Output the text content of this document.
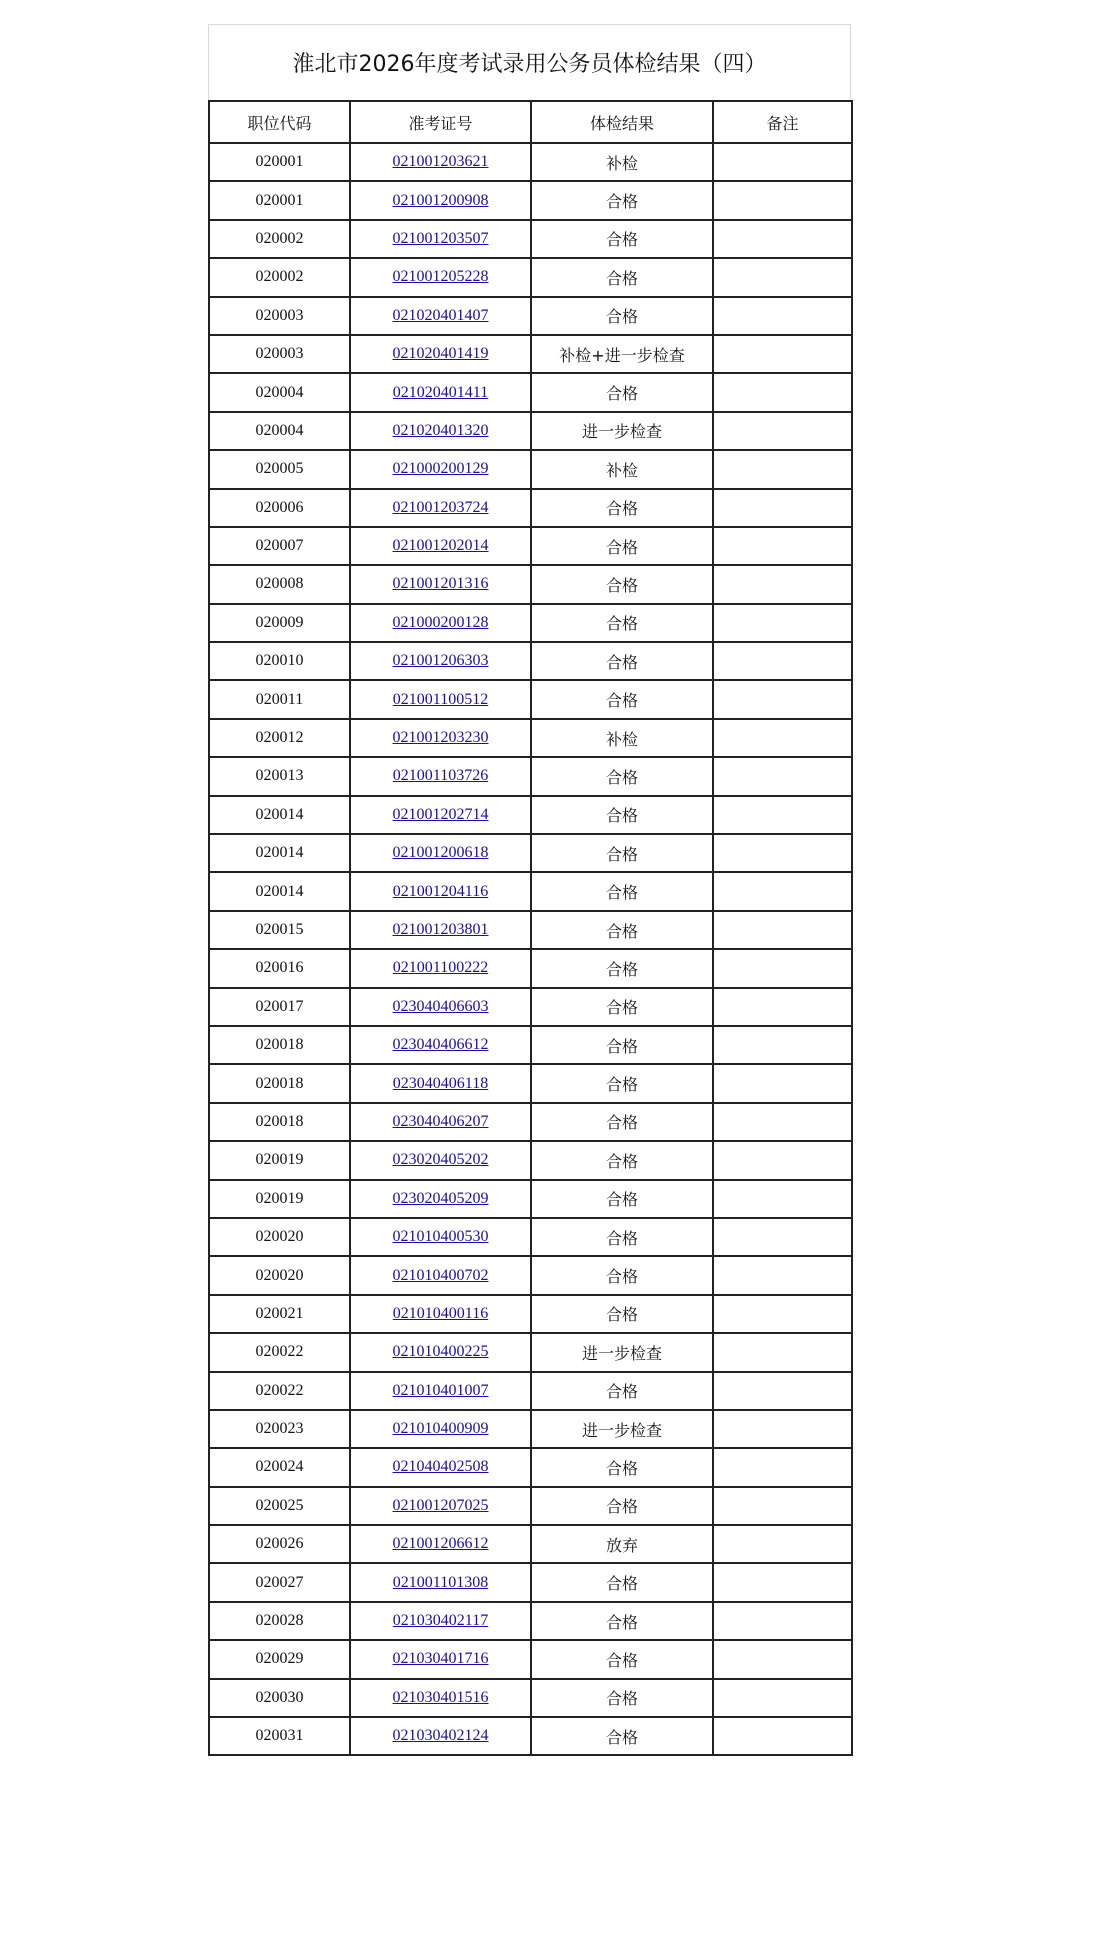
淮北市2026年度考试录用公务员体检结果（四）
职位代码	准考证号	体检结果	备注
020001	021001203621	补检	
020001	021001200908	合格	
020002	021001203507	合格	
020002	021001205228	合格	
020003	021020401407	合格	
020003	021020401419	补检+进一步检查	
020004	021020401411	合格	
020004	021020401320	进一步检查	
020005	021000200129	补检	
020006	021001203724	合格	
020007	021001202014	合格	
020008	021001201316	合格	
020009	021000200128	合格	
020010	021001206303	合格	
020011	021001100512	合格	
020012	021001203230	补检	
020013	021001103726	合格	
020014	021001202714	合格	
020014	021001200618	合格	
020014	021001204116	合格	
020015	021001203801	合格	
020016	021001100222	合格	
020017	023040406603	合格	
020018	023040406612	合格	
020018	023040406118	合格	
020018	023040406207	合格	
020019	023020405202	合格	
020019	023020405209	合格	
020020	021010400530	合格	
020020	021010400702	合格	
020021	021010400116	合格	
020022	021010400225	进一步检查	
020022	021010401007	合格	
020023	021010400909	进一步检查	
020024	021040402508	合格	
020025	021001207025	合格	
020026	021001206612	放弃	
020027	021001101308	合格	
020028	021030402117	合格	
020029	021030401716	合格	
020030	021030401516	合格	
020031	021030402124	合格	
